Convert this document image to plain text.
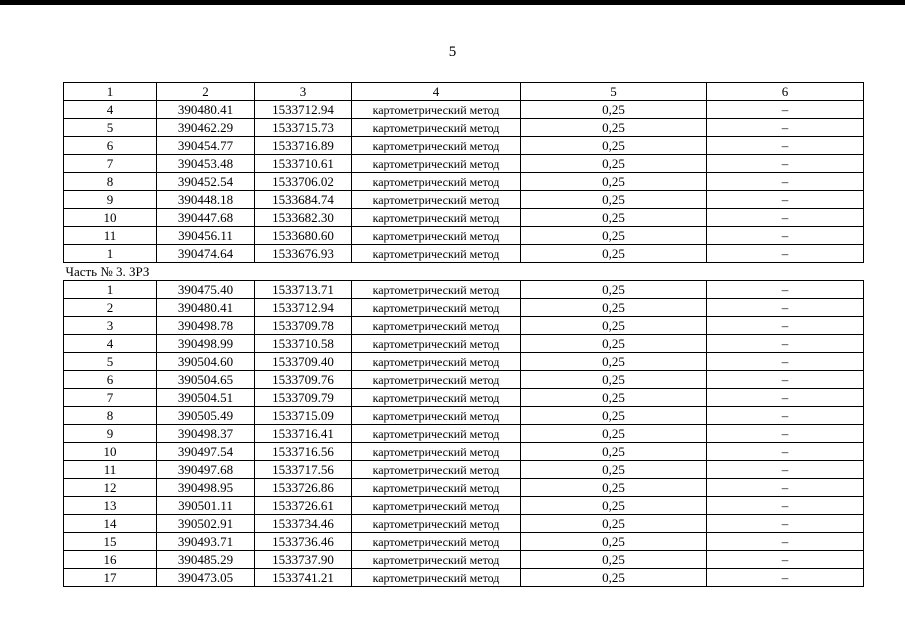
5
1	2	3	4	5	6
4	390480.41	1533712.94	картометрический метод	0,25	–
5	390462.29	1533715.73	картометрический метод	0,25	–
6	390454.77	1533716.89	картометрический метод	0,25	–
7	390453.48	1533710.61	картометрический метод	0,25	–
8	390452.54	1533706.02	картометрический метод	0,25	–
9	390448.18	1533684.74	картометрический метод	0,25	–
10	390447.68	1533682.30	картометрический метод	0,25	–
11	390456.11	1533680.60	картометрический метод	0,25	–
1	390474.64	1533676.93	картометрический метод	0,25	–
Часть № 3. ЗРЗ					
1	390475.40	1533713.71	картометрический метод	0,25	–
2	390480.41	1533712.94	картометрический метод	0,25	–
3	390498.78	1533709.78	картометрический метод	0,25	–
4	390498.99	1533710.58	картометрический метод	0,25	–
5	390504.60	1533709.40	картометрический метод	0,25	–
6	390504.65	1533709.76	картометрический метод	0,25	–
7	390504.51	1533709.79	картометрический метод	0,25	–
8	390505.49	1533715.09	картометрический метод	0,25	–
9	390498.37	1533716.41	картометрический метод	0,25	–
10	390497.54	1533716.56	картометрический метод	0,25	–
11	390497.68	1533717.56	картометрический метод	0,25	–
12	390498.95	1533726.86	картометрический метод	0,25	–
13	390501.11	1533726.61	картометрический метод	0,25	–
14	390502.91	1533734.46	картометрический метод	0,25	–
15	390493.71	1533736.46	картометрический метод	0,25	–
16	390485.29	1533737.90	картометрический метод	0,25	–
17	390473.05	1533741.21	картометрический метод	0,25	–
